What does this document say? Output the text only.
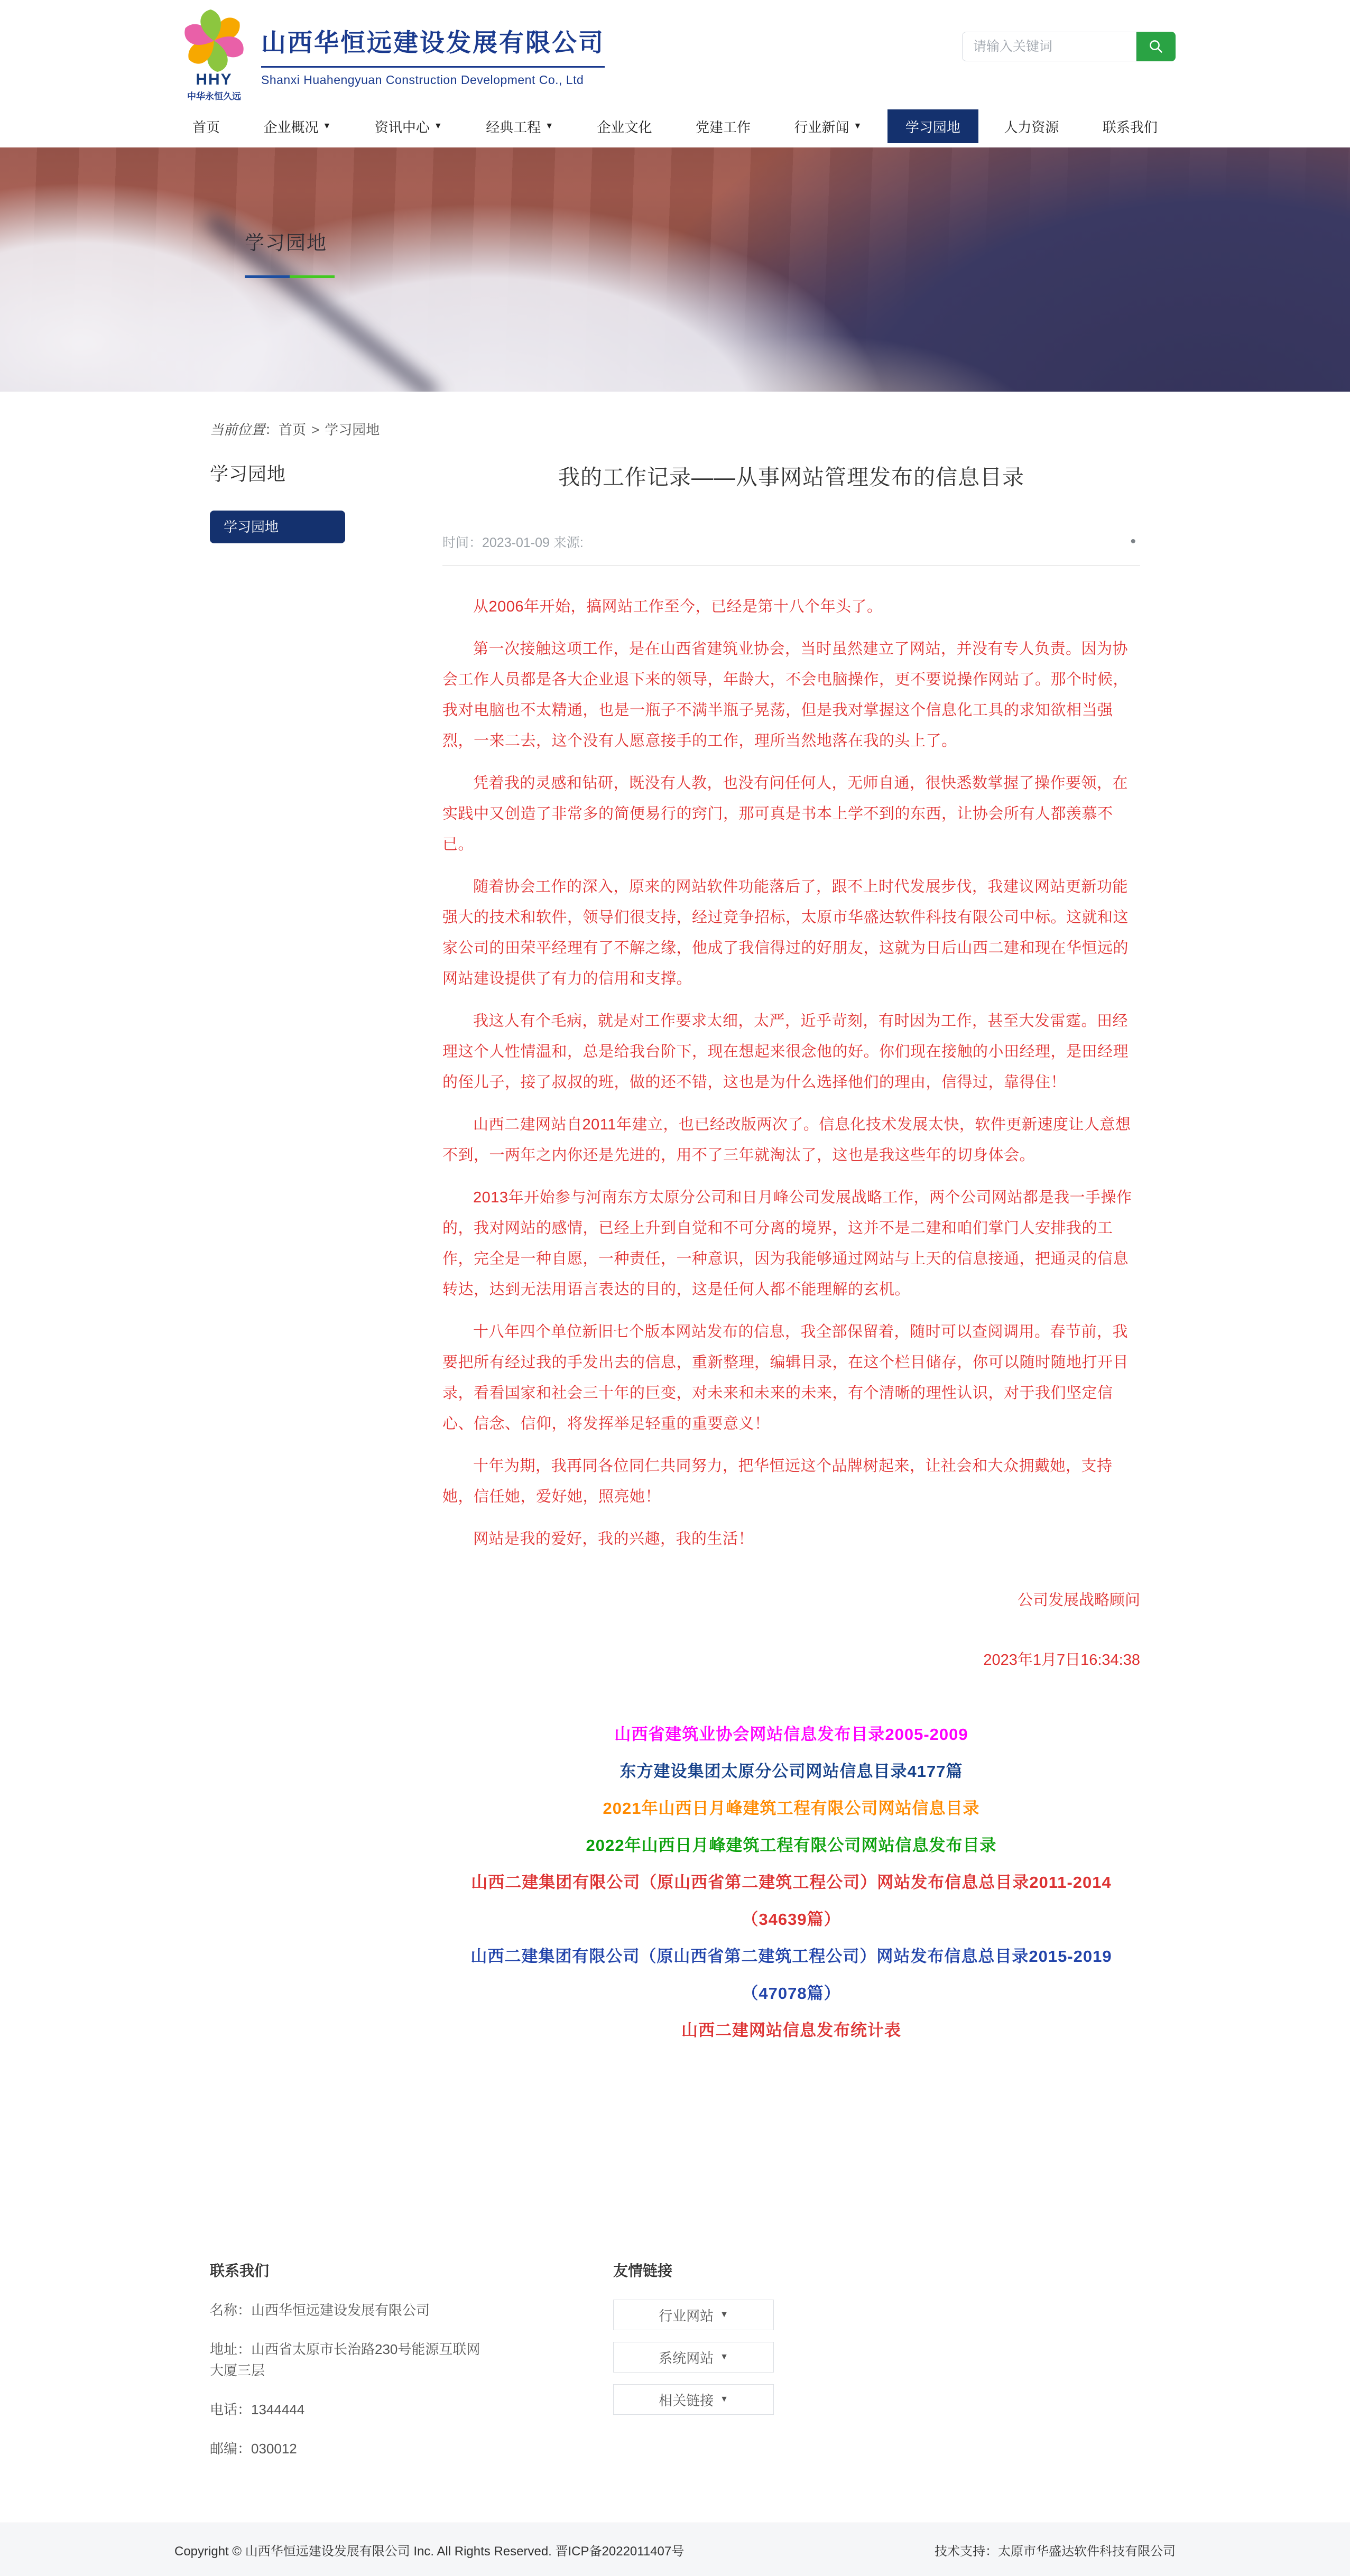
HHY
中华永恒久远
山西华恒远建设发展有限公司
Shanxi Huahengyuan Construction Development Co., Ltd
请输入关键词
首页	企业概况 ▼	资讯中心 ▼	经典工程 ▼	企业文化	党建工作	行业新闻 ▼	学习园地	人力资源	联系我们
学习园地
当前位置：首页 > 学习园地
学习园地
学习园地
我的工作记录——从事网站管理发布的信息目录
时间：2023-01-09 来源:	•

从2006年开始，搞网站工作至今，已经是第十八个年头了。

第一次接触这项工作，是在山西省建筑业协会，当时虽然建立了网站，并没有专人负责。因为协会工作人员都是各大企业退下来的领导，年龄大，不会电脑操作，更不要说操作网站了。那个时候，我对电脑也不太精通，也是一瓶子不满半瓶子晃荡，但是我对掌握这个信息化工具的求知欲相当强烈，一来二去，这个没有人愿意接手的工作，理所当然地落在我的头上了。

凭着我的灵感和钻研，既没有人教，也没有问任何人，无师自通，很快悉数掌握了操作要领，在实践中又创造了非常多的简便易行的窍门，那可真是书本上学不到的东西，让协会所有人都羡慕不已。

随着协会工作的深入，原来的网站软件功能落后了，跟不上时代发展步伐，我建议网站更新功能强大的技术和软件，领导们很支持，经过竞争招标，太原市华盛达软件科技有限公司中标。这就和这家公司的田荣平经理有了不解之缘，他成了我信得过的好朋友，这就为日后山西二建和现在华恒远的网站建设提供了有力的信用和支撑。

我这人有个毛病，就是对工作要求太细，太严，近乎苛刻，有时因为工作，甚至大发雷霆。田经理这个人性情温和，总是给我台阶下，现在想起来很念他的好。你们现在接触的小田经理，是田经理的侄儿子，接了叔叔的班，做的还不错，这也是为什么选择他们的理由，信得过，靠得住！

山西二建网站自2011年建立，也已经改版两次了。信息化技术发展太快，软件更新速度让人意想不到，一两年之内你还是先进的，用不了三年就淘汰了，这也是我这些年的切身体会。

2013年开始参与河南东方太原分公司和日月峰公司发展战略工作，两个公司网站都是我一手操作的，我对网站的感情，已经上升到自觉和不可分离的境界，这并不是二建和咱们掌门人安排我的工作，完全是一种自愿，一种责任，一种意识，因为我能够通过网站与上天的信息接通，把通灵的信息转达，达到无法用语言表达的目的，这是任何人都不能理解的玄机。

十八年四个单位新旧七个版本网站发布的信息，我全部保留着，随时可以查阅调用。春节前，我要把所有经过我的手发出去的信息，重新整理，编辑目录，在这个栏目储存，你可以随时随地打开目录，看看国家和社会三十年的巨变，对未来和未来的未来，有个清晰的理性认识，对于我们坚定信心、信念、信仰，将发挥举足轻重的重要意义！

十年为期，我再同各位同仁共同努力，把华恒远这个品牌树起来，让社会和大众拥戴她，支持她，信任她，爱好她，照亮她！

网站是我的爱好，我的兴趣，我的生活！

公司发展战略顾问
2023年1月7日16:34:38
山西省建筑业协会网站信息发布目录2005-2009
东方建设集团太原分公司网站信息目录4177篇
2021年山西日月峰建筑工程有限公司网站信息目录
2022年山西日月峰建筑工程有限公司网站信息发布目录
山西二建集团有限公司（原山西省第二建筑工程公司）网站发布信息总目录2011-2014（34639篇）
山西二建集团有限公司（原山西省第二建筑工程公司）网站发布信息总目录2015-2019（47078篇）
山西二建网站信息发布统计表
联系我们
名称：山西华恒远建设发展有限公司
地址：山西省太原市长治路230号能源互联网大厦三层
电话：1344444
邮编：030012
友情链接
行业网站 ▼
系统网站 ▼
相关链接 ▼
Copyright © 山西华恒远建设发展有限公司 Inc. All Rights Reserved. 晋ICP备2022011407号	技术支持：太原市华盛达软件科技有限公司
